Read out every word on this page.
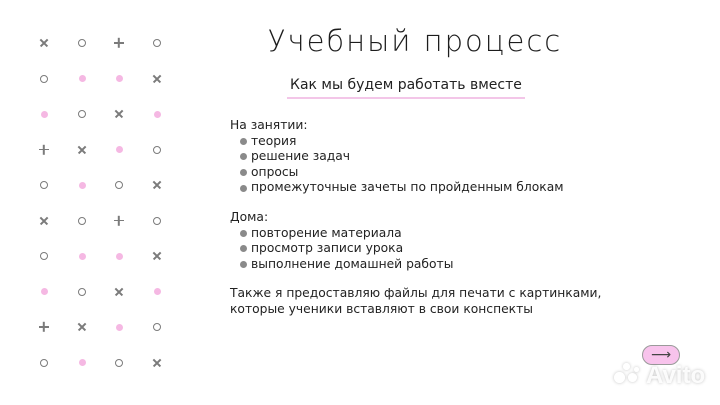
Учебный процесс
Как мы будем работать вместе

На занятии:

теория
решение задач
опросы
промежуточные зачеты по пройденным блокам

Дома:

повторение материала
просмотр записи урока
выполнение домашней работы
Также я предоставляю файлы для печати с картинками,
которые ученики вставляют в свои конспекты
⟶
Avito
